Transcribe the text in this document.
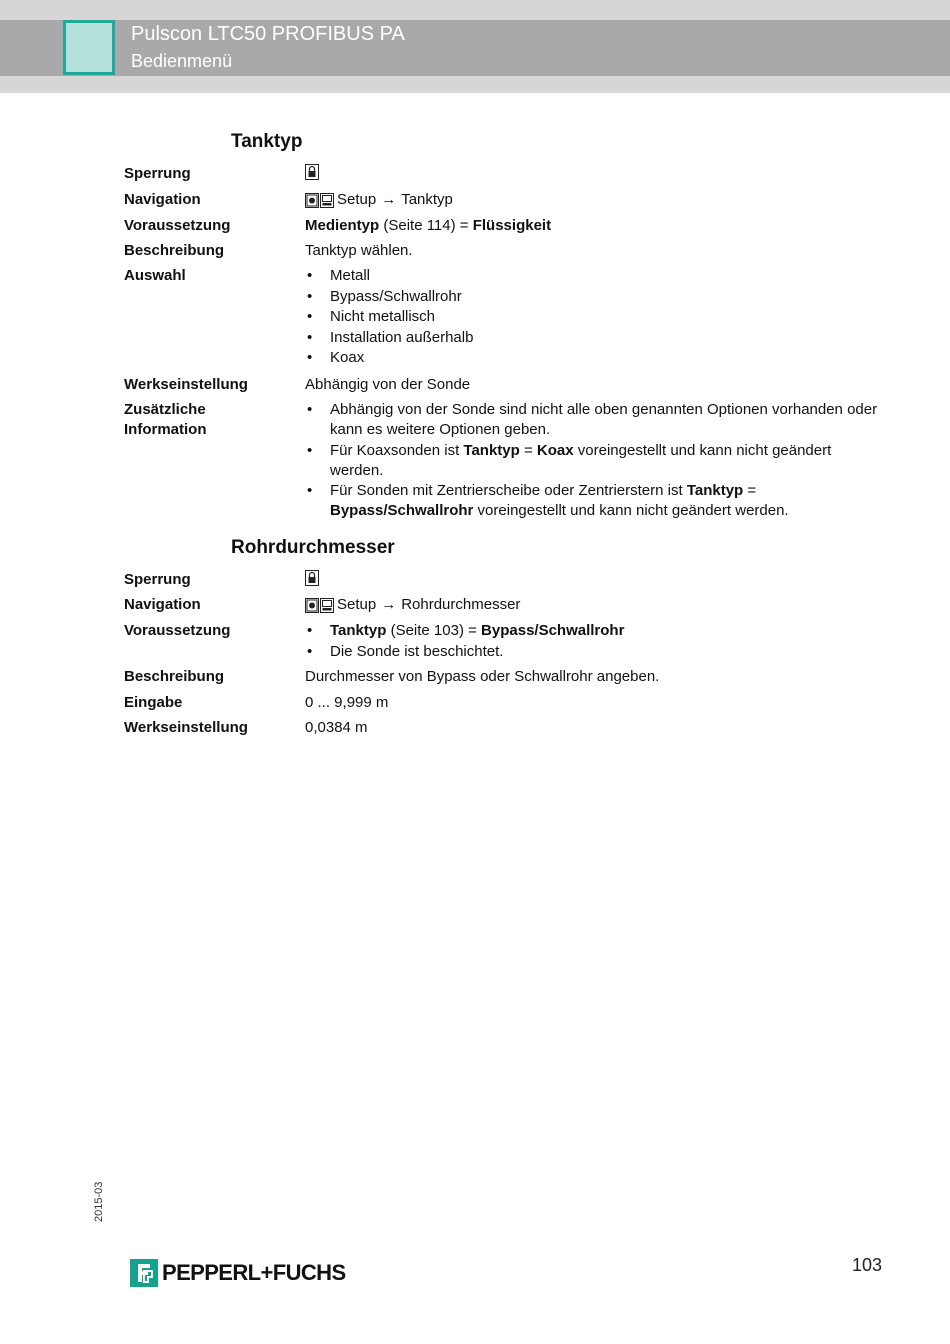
Pulscon LTC50 PROFIBUS PA
Bedienmenü
Tanktyp
Sperrung
Navigation	Setup → Tanktyp
Voraussetzung	Medientyp (Seite 114) = Flüssigkeit
Beschreibung	Tanktyp wählen.
Auswahl	• Metall
• Bypass/Schwallrohr
• Nicht metallisch
• Installation außerhalb
• Koax
Werkseinstellung	Abhängig von der Sonde
Zusätzliche
Information
• Abhängig von der Sonde sind nicht alle oben genannten Optionen vorhanden oder kann es weitere Optionen geben.
• Für Koaxsonden ist Tanktyp = Koax voreingestellt und kann nicht geändert werden.
• Für Sonden mit Zentrierscheibe oder Zentrierstern ist Tanktyp = Bypass/Schwallrohr voreingestellt und kann nicht geändert werden.
Rohrdurchmesser
Sperrung
Navigation	Setup → Rohrdurchmesser
Voraussetzung	• Tanktyp (Seite 103) = Bypass/Schwallrohr
• Die Sonde ist beschichtet.
Beschreibung	Durchmesser von Bypass oder Schwallrohr angeben.
Eingabe	0 ... 9,999 m
Werkseinstellung	0,0384 m
2015-03
103
PEPPERL+FUCHS
